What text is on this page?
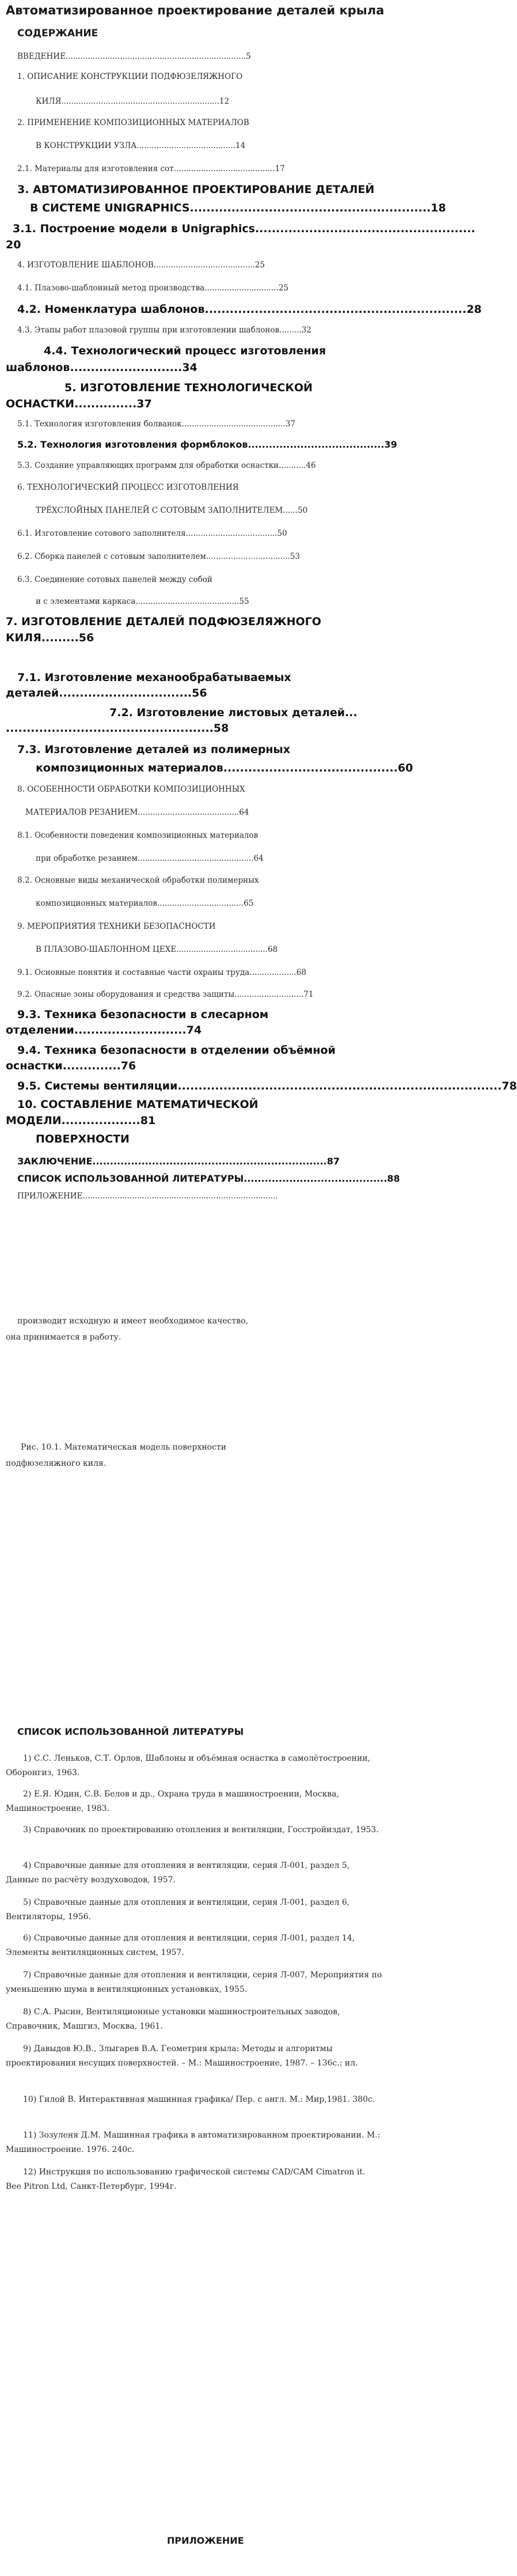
Автоматизированное проектирование деталей крыла
СОДЕРЖАНИЕ
ВВЕДЕНИЕ.........................................................................5
1. ОПИСАНИЕ КОНСТРУКЦИИ ПОДФЮЗЕЛЯЖНОГО
КИЛЯ................................................................12
2. ПРИМЕНЕНИЕ КОМПОЗИЦИОННЫХ МАТЕРИАЛОВ
В КОНСТРУКЦИИ УЗЛА........................................14
2.1. Материалы для изготовления сот.........................................17
3. АВТОМАТИЗИРОВАННОЕ ПРОЕКТИРОВАНИЕ ДЕТАЛЕЙ
В СИСТЕМЕ UNIGRAPHICS..........................................................18
3.1. Построение модели в Unigraphics.....................................................
20
4. ИЗГОТОВЛЕНИЕ ШАБЛОНОВ.........................................25
4.1. Плазово-шаблонный метод производства..............................25
4.2. Номенклатура шаблонов...............................................................28
4.3. Этапы работ плазовой группы при изготовлении шаблонов.........32
4.4. Технологический процесс изготовления
шаблонов...........................34
5. ИЗГОТОВЛЕНИЕ ТЕХНОЛОГИЧЕСКОЙ
ОСНАСТКИ...............37
5.1. Технология изготовления болванок..........................................37
5.2. Технология изготовления формблоков.......................................39
5.3. Создание управляющих программ для обработки оснастки...........46
6. ТЕХНОЛОГИЧЕСКИЙ ПРОЦЕСС ИЗГОТОВЛЕНИЯ
ТРЁХСЛОЙНЫХ ПАНЕЛЕЙ С СОТОВЫМ ЗАПОЛНИТЕЛЕМ......50
6.1. Изготовление сотового заполнителя.....................................50
6.2. Сборка панелей с сотовым заполнителем..................................53
6.3. Соединение сотовых панелей между собой
и с элементами каркаса..........................................55
7. ИЗГОТОВЛЕНИЕ ДЕТАЛЕЙ ПОДФЮЗЕЛЯЖНОГО
КИЛЯ.........56
7.1. Изготовление механообрабатываемых
деталей................................56
7.2. Изготовление листовых деталей...
..................................................58
7.3. Изготовление деталей из полимерных
композиционных материалов..........................................60
8. ОСОБЕННОСТИ ОБРАБОТКИ КОМПОЗИЦИОННЫХ
МАТЕРИАЛОВ РЕЗАНИЕМ.........................................64
8.1. Особенности поведения композиционных материалов
при обработке резанием...............................................64
8.2. Основные виды механической обработки полимерных
композиционных материалов...................................65
9. МЕРОПРИЯТИЯ ТЕХНИКИ БЕЗОПАСНОСТИ
В ПЛАЗОВО-ШАБЛОННОМ ЦЕХЕ.....................................68
9.1. Основные понятия и составные части охраны труда...................68
9.2. Опасные зоны оборудования и средства защиты............................71
9.3. Техника безопасности в слесарном
отделении...........................74
9.4. Техника безопасности в отделении объёмной
оснастки..............76
9.5. Системы вентиляции..............................................................................78
10. СОСТАВЛЕНИЕ МАТЕМАТИЧЕСКОЙ
МОДЕЛИ...................81
ПОВЕРХНОСТИ
ЗАКЛЮЧЕНИЕ...................................................................87
СПИСОК ИСПОЛЬЗОВАННОЙ ЛИТЕРАТУРЫ.........................................88
ПРИЛОЖЕНИЕ...............................................................................
производит исходную и имеет необходимое качество,
она принимается в работу.
Рис. 10.1. Математическая модель поверхности
подфюзеляжного киля.
СПИСОК ИСПОЛЬЗОВАННОЙ ЛИТЕРАТУРЫ
1) С.С. Леньков, С.Т. Орлов, Шаблоны и объёмная оснастка в самолётостроении, Оборонгиз, 1963.
2) Е.Я. Юдин, С.В. Белов и др., Охрана труда в машиностроении, Москва, Машиностроение, 1983.
3) Справочник по проектированию отопления и вентиляции, Госстройиздат, 1953.
4) Справочные данные для отопления и вентиляции, серия Л-001, раздел 5, Данные по расчёту воздуховодов, 1957.
5) Справочные данные для отопления и вентиляции, серия Л-001, раздел 6, Вентиляторы, 1956.
6) Справочные данные для отопления и вентиляции, серия Л-001, раздел 14, Элементы вентиляционных систем, 1957.
7) Справочные данные для отопления и вентиляции, серия Л-007, Мероприятия по уменьшению шума в вентиляционных установках, 1955.
8) С.А. Рысин, Вентиляционные установки машиностроительных заводов, Справочник, Машгиз, Москва, 1961.
9) Давыдов Ю.В., Злыгарев В.А. Геометрия крыла: Методы и алгоритмы проектирования несущих поверхностей. – М.: Машиностроение, 1987. – 136с.: ил.
10) Гилой В. Интерактивная машинная графика/ Пер. с англ. М.: Мир,1981. 380с.
11) Зозуленя Д.М. Машинная графика в автоматизированном проектировании. М.: Машиностроение. 1976. 240с.
12) Инструкция по использованию графической системы CAD/CAM Cimatron it. Bee Pitron Ltd, Санкт-Петербург, 1994г.
ПРИЛОЖЕНИЕ
